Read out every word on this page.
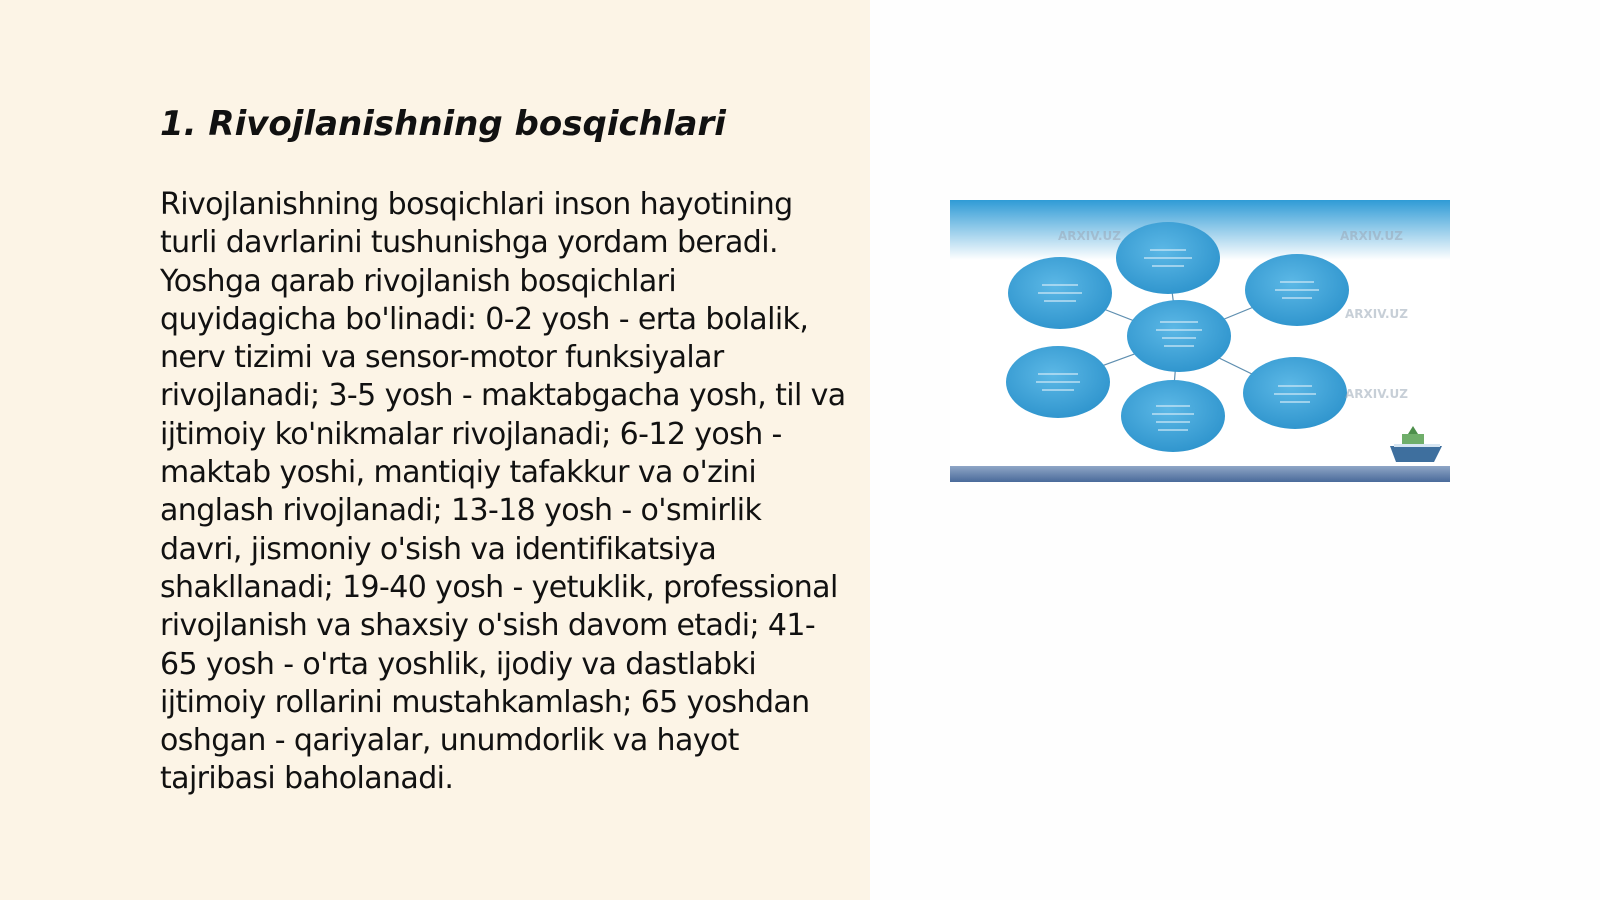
1. Rivojlanishning bosqichlari

Rivojlanishning bosqichlari inson hayotining turli davrlarini tushunishga yordam beradi. Yoshga qarab rivojlanish bosqichlari quyidagicha bo'linadi: 0-2 yosh - erta bolalik, nerv tizimi va sensor-motor funksiyalar rivojlanadi; 3-5 yosh - maktabgacha yosh, til va ijtimoiy ko'nikmalar rivojlanadi; 6-12 yosh - maktab yoshi, mantiqiy tafakkur va o'zini anglash rivojlanadi; 13-18 yosh - o'smirlik davri, jismoniy o'sish va identifikatsiya shakllanadi; 19-40 yosh - yetuklik, professional rivojlanish va shaxsiy o'sish davom etadi; 41-65 yosh - o'rta yoshlik, ijodiy va dastlabki ijtimoiy rollarini mustahkamlash; 65 yoshdan oshgan - qariyalar, unumdorlik va hayot tajribasi baholanadi.

ARXIV.UZ	ARXIV.UZ
ARXIV.UZ
ARXIV.UZ
